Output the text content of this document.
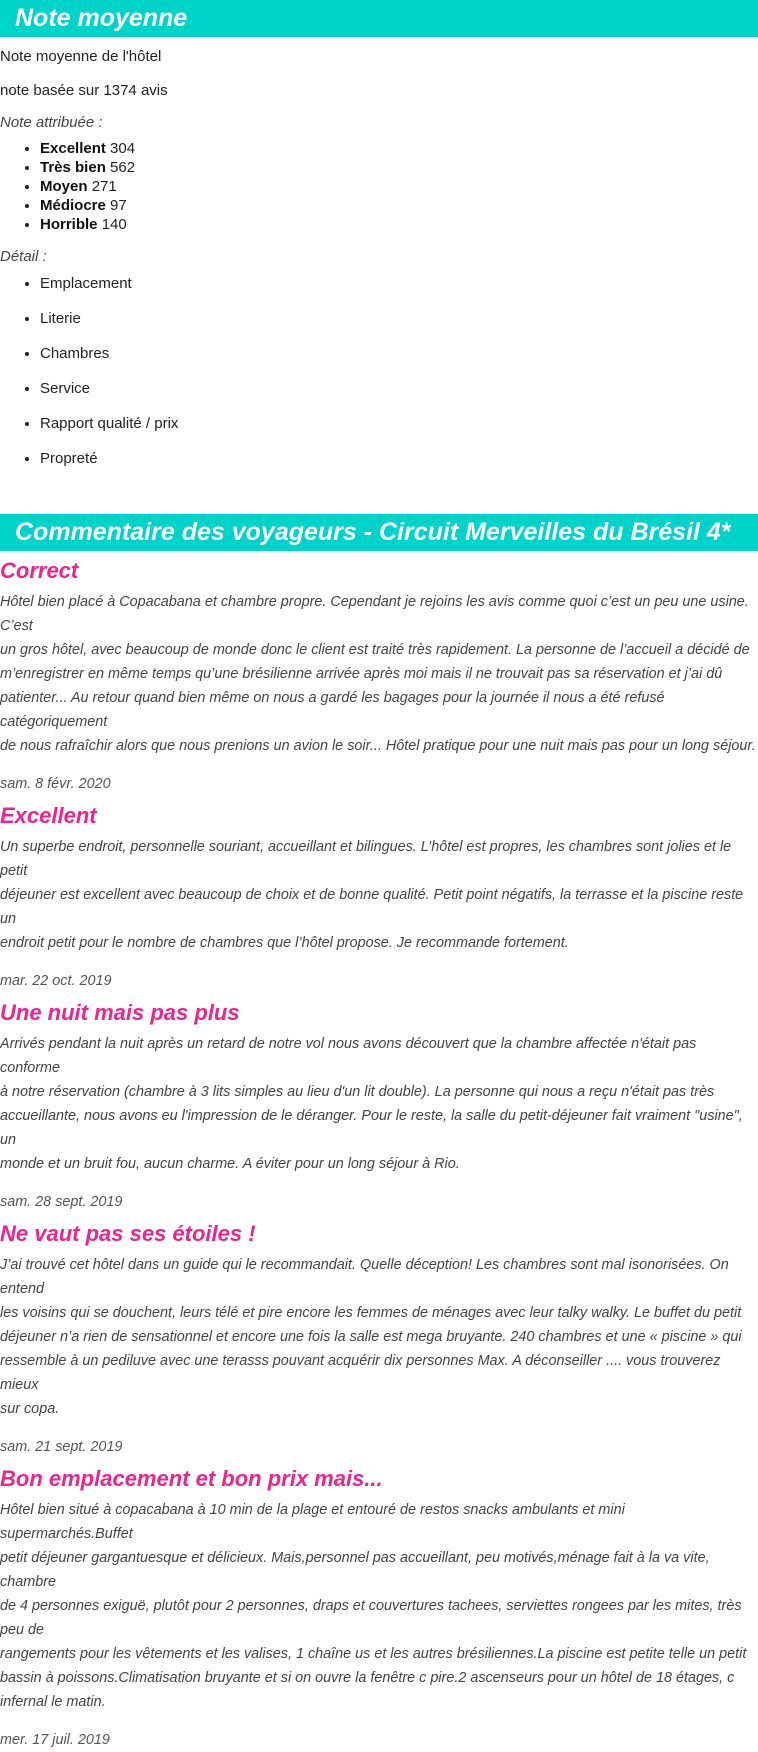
Note moyenne

Note moyenne de l'hôtel

note basée sur 1374 avis

Note attribuée :

• Excellent 304
• Très bien 562
• Moyen 271
• Médiocre 97
• Horrible 140

Détail :

• Emplacement
• Literie
• Chambres
• Service
• Rapport qualité / prix
• Propreté
Commentaire des voyageurs - Circuit Merveilles du Brésil 4*
Correct
Hôtel bien placé à Copacabana et chambre propre. Cependant je rejoins les avis comme quoi c’est un peu une usine. C’est
un gros hôtel, avec beaucoup de monde donc le client est traité très rapidement. La personne de l’accueil a décidé de
m’enregistrer en même temps qu’une brésilienne arrivée après moi mais il ne trouvait pas sa réservation et j’ai dû
patienter... Au retour quand bien même on nous a gardé les bagages pour la journée il nous a été refusé catégoriquement
de nous rafraîchir alors que nous prenions un avion le soir... Hôtel pratique pour une nuit mais pas pour un long séjour.

sam. 8 févr. 2020

Excellent
Un superbe endroit, personnelle souriant, accueillant et bilingues. L’hôtel est propres, les chambres sont jolies et le petit
déjeuner est excellent avec beaucoup de choix et de bonne qualité. Petit point négatifs, la terrasse et la piscine reste un
endroit petit pour le nombre de chambres que l’hôtel propose. Je recommande fortement.

mar. 22 oct. 2019

Une nuit mais pas plus
Arrivés pendant la nuit après un retard de notre vol nous avons découvert que la chambre affectée n'était pas conforme
à notre réservation (chambre à 3 lits simples au lieu d'un lit double). La personne qui nous a reçu n'était pas très
accueillante, nous avons eu l'impression de le déranger. Pour le reste, la salle du petit-déjeuner fait vraiment "usine", un
monde et un bruit fou, aucun charme. A éviter pour un long séjour à Rio.

sam. 28 sept. 2019

Ne vaut pas ses étoiles !
J’ai trouvé cet hôtel dans un guide qui le recommandait. Quelle déception! Les chambres sont mal isonorisées. On entend
les voisins qui se douchent, leurs télé et pire encore les femmes de ménages avec leur talky walky. Le buffet du petit
déjeuner n’a rien de sensationnel et encore une fois la salle est mega bruyante. 240 chambres et une « piscine » qui
ressemble à un pediluve avec une terasss pouvant acquérir dix personnes Max. A déconseiller .... vous trouverez mieux
sur copa.

sam. 21 sept. 2019

Bon emplacement et bon prix mais...
Hôtel bien situé à copacabana à 10 min de la plage et entouré de restos snacks ambulants et mini supermarchés.Buffet
petit déjeuner gargantuesque et délicieux. Mais,personnel pas accueillant, peu motivés,ménage fait à la va vite, chambre
de 4 personnes exiguë, plutôt pour 2 personnes, draps et couvertures tachees, serviettes rongees par les mites, très peu de
rangements pour les vêtements et les valises, 1 chaîne us et les autres brésiliennes.La piscine est petite telle un petit
bassin à poissons.Climatisation bruyante et si on ouvre la fenêtre c pire.2 ascenseurs pour un hôtel de 18 étages, c
infernal le matin.

mer. 17 juil. 2019
